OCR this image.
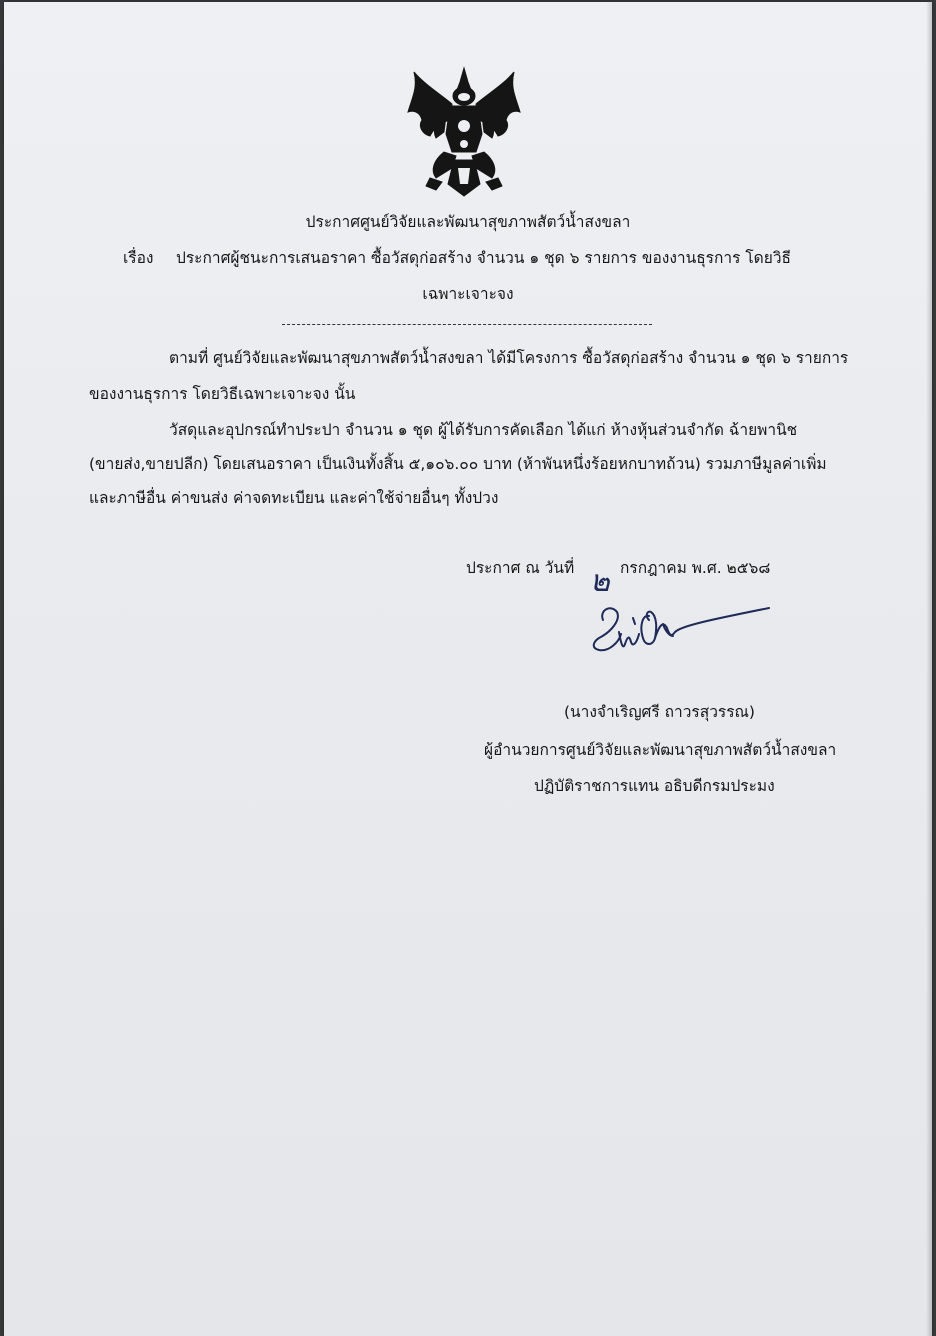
ประกาศศูนย์วิจัยและพัฒนาสุขภาพสัตว์น้ำสงขลา
เรื่อง ประกาศผู้ชนะการเสนอราคา ซื้อวัสดุก่อสร้าง จำนวน ๑ ชุด ๖ รายการ ของงานธุรการ โดยวิธี
เฉพาะเจาะจง
ตามที่ ศูนย์วิจัยและพัฒนาสุขภาพสัตว์น้ำสงขลา ได้มีโครงการ ซื้อวัสดุก่อสร้าง จำนวน ๑ ชุด ๖ รายการ
ของงานธุรการ โดยวิธีเฉพาะเจาะจง นั้น
วัสดุและอุปกรณ์ทำประปา จำนวน ๑ ชุด ผู้ได้รับการคัดเลือก ได้แก่ ห้างหุ้นส่วนจำกัด ฉ้ายพานิช
(ขายส่ง,ขายปลีก) โดยเสนอราคา เป็นเงินทั้งสิ้น ๕,๑๐๖.๐๐ บาท (ห้าพันหนึ่งร้อยหกบาทถ้วน) รวมภาษีมูลค่าเพิ่ม
และภาษีอื่น ค่าขนส่ง ค่าจดทะเบียน และค่าใช้จ่ายอื่นๆ ทั้งปวง
ประกาศ ณ วันที่ ๒ กรกฎาคม พ.ศ. ๒๕๖๘
(นางจำเริญศรี ถาวรสุวรรณ)
ผู้อำนวยการศูนย์วิจัยและพัฒนาสุขภาพสัตว์น้ำสงขลา
ปฏิบัติราชการแทน อธิบดีกรมประมง
